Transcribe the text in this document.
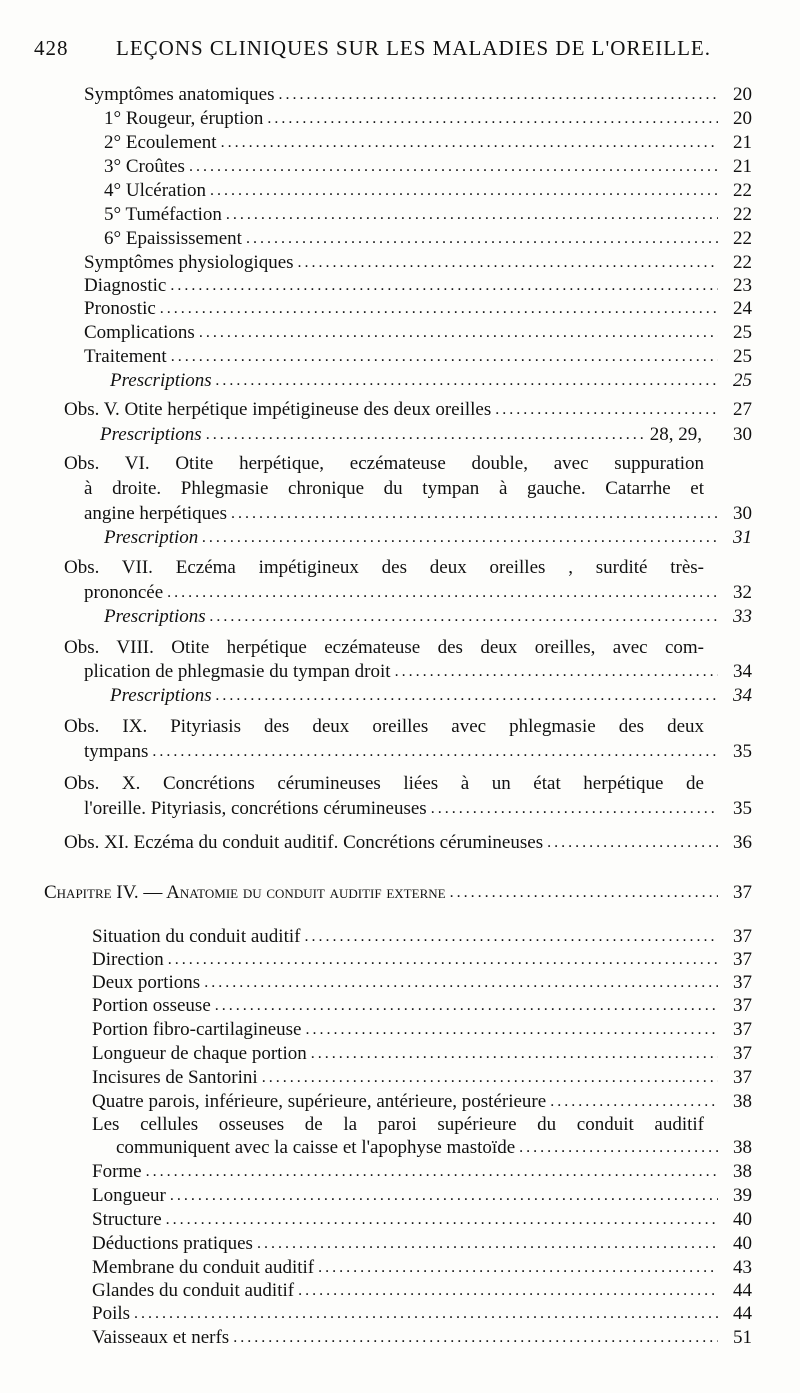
428 LEÇONS CLINIQUES SUR LES MALADIES DE L'OREILLE.
Symptômes anatomiques .....	20
1° Rougeur, éruption .....	20
2° Ecoulement .....	21
3° Croûtes .....	21
4° Ulcération .....	22
5° Tuméfaction .....	22
6° Epaississement .....	22
Symptômes physiologiques .....	22
Diagnostic .....	23
Pronostic .....	24
Complications .....	25
Traitement .....	25
Prescriptions .....	25
Obs. V. Otite herpétique impétigineuse des deux oreilles .....	27
Prescriptions .....	28, 29,	30
Obs. VI. Otite herpétique, eczémateuse double, avec suppuration
à droite. Phlegmasie chronique du tympan à gauche. Catarrhe et
angine herpétiques .....	30
Prescription .....	31
Obs. VII. Eczéma impétigineux des deux oreilles , surdité très-
prononcée .....	32
Prescriptions .....	33
Obs. VIII. Otite herpétique eczémateuse des deux oreilles, avec com-
plication de phlegmasie du tympan droit .....	34
Prescriptions .....	34
Obs. IX. Pityriasis des deux oreilles avec phlegmasie des deux
tympans .....	35
Obs. X. Concrétions cérumineuses liées à un état herpétique de
l'oreille. Pityriasis, concrétions cérumineuses .....	35
Obs. XI. Eczéma du conduit auditif. Concrétions cérumineuses .....	36
Chapitre IV. — Anatomie du conduit auditif externe .....	37
Situation du conduit auditif .....	37
Direction .....	37
Deux portions .....	37
Portion osseuse .....	37
Portion fibro-cartilagineuse .....	37
Longueur de chaque portion .....	37
Incisures de Santorini .....	37
Quatre parois, inférieure, supérieure, antérieure, postérieure .....	38
Les cellules osseuses de la paroi supérieure du conduit auditif
communiquent avec la caisse et l'apophyse mastoïde .....	38
Forme .....	38
Longueur .....	39
Structure .....	40
Déductions pratiques .....	40
Membrane du conduit auditif .....	43
Glandes du conduit auditif .....	44
Poils .....	44
Vaisseaux et nerfs .....	51
